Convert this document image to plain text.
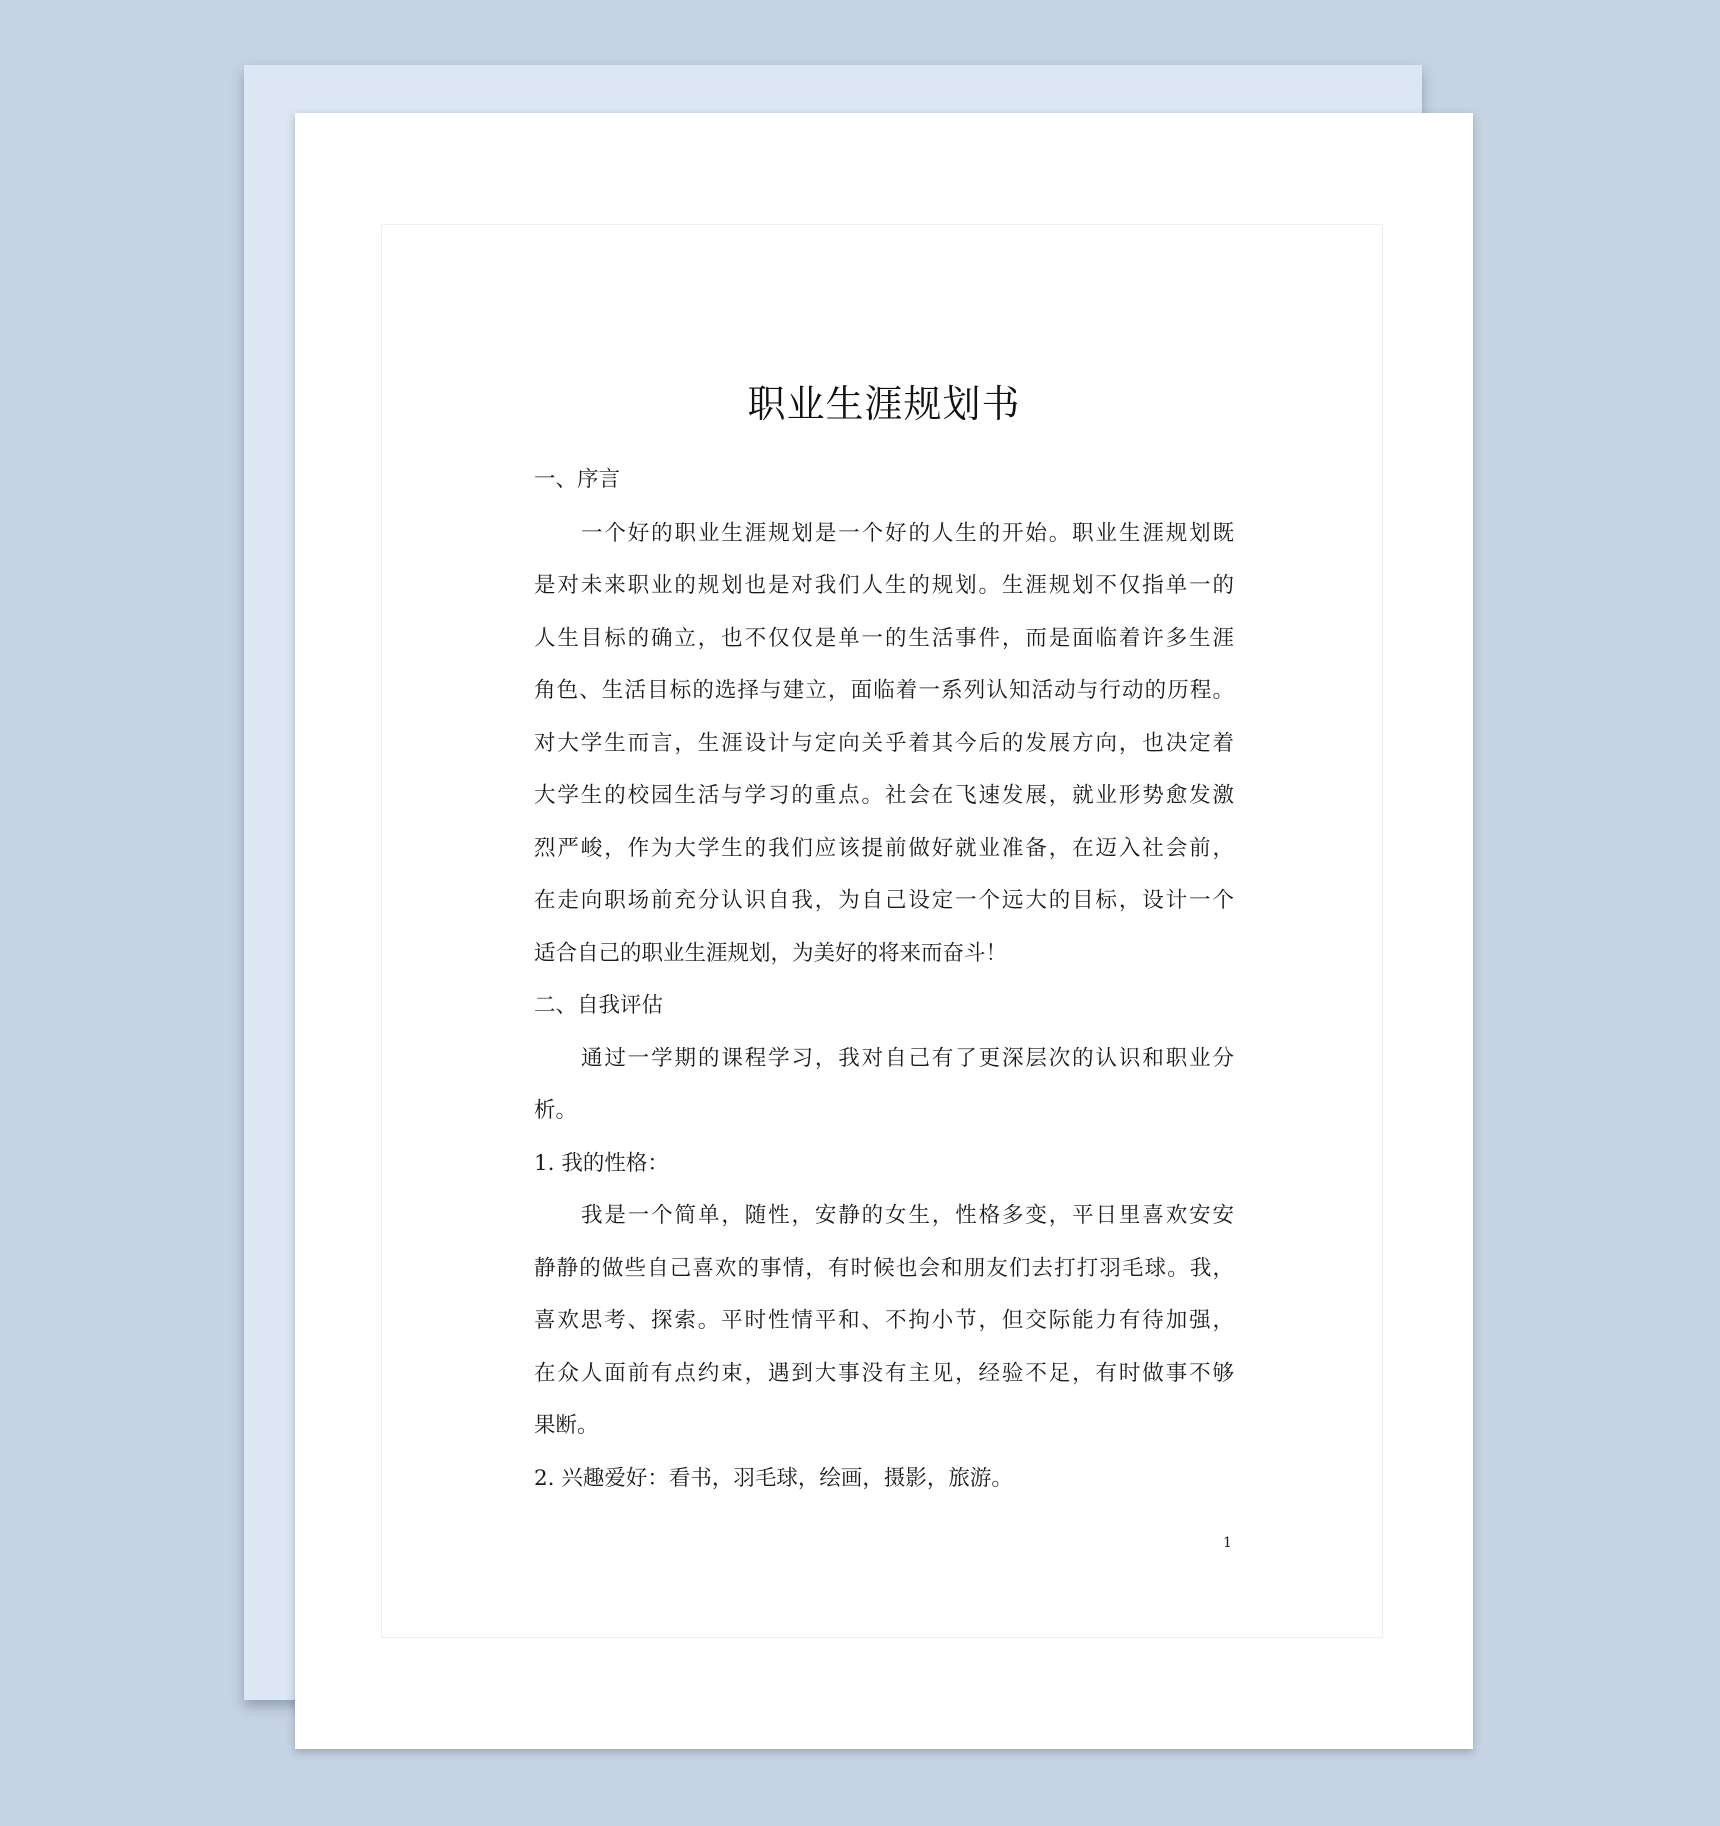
职业生涯规划书
一、序言
一个好的职业生涯规划是一个好的人生的开始。职业生涯规划既
是对未来职业的规划也是对我们人生的规划。生涯规划不仅指单一的
人生目标的确立，也不仅仅是单一的生活事件，而是面临着许多生涯
角色、生活目标的选择与建立，面临着一系列认知活动与行动的历程。
对大学生而言，生涯设计与定向关乎着其今后的发展方向，也决定着
大学生的校园生活与学习的重点。社会在飞速发展，就业形势愈发激
烈严峻，作为大学生的我们应该提前做好就业准备，在迈入社会前，
在走向职场前充分认识自我，为自己设定一个远大的目标，设计一个
适合自己的职业生涯规划，为美好的将来而奋斗！
二、自我评估
通过一学期的课程学习，我对自己有了更深层次的认识和职业分
析。
1. 我的性格：
我是一个简单，随性，安静的女生，性格多变，平日里喜欢安安
静静的做些自己喜欢的事情，有时候也会和朋友们去打打羽毛球。我，
喜欢思考、探索。平时性情平和、不拘小节，但交际能力有待加强，
在众人面前有点约束，遇到大事没有主见，经验不足，有时做事不够
果断。
2. 兴趣爱好：看书，羽毛球，绘画，摄影，旅游。
1
